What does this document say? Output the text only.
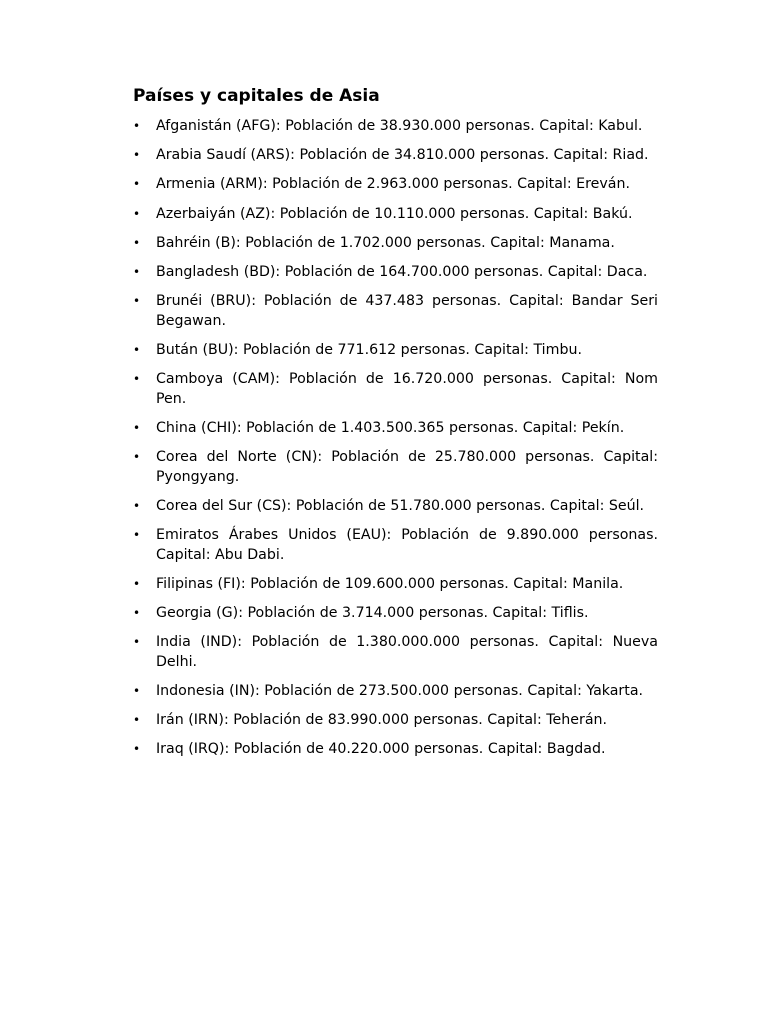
Países y capitales de Asia
• Afganistán (AFG): Población de 38.930.000 personas. Capital: Kabul.
• Arabia Saudí (ARS): Población de 34.810.000 personas. Capital: Riad.
• Armenia (ARM): Población de 2.963.000 personas. Capital: Ereván.
• Azerbaiyán (AZ): Población de 10.110.000 personas. Capital: Bakú.
• Bahréin (B): Población de 1.702.000 personas. Capital: Manama.
• Bangladesh (BD): Población de 164.700.000 personas. Capital: Daca.
• Brunéi (BRU): Población de 437.483 personas. Capital: Bandar Seri Begawan.
• Bután (BU): Población de 771.612 personas. Capital: Timbu.
• Camboya (CAM): Población de 16.720.000 personas. Capital: Nom Pen.
• China (CHI): Población de 1.403.500.365 personas. Capital: Pekín.
• Corea del Norte (CN): Población de 25.780.000 personas. Capital: Pyongyang.
• Corea del Sur (CS): Población de 51.780.000 personas. Capital: Seúl.
• Emiratos Árabes Unidos (EAU): Población de 9.890.000 personas. Capital: Abu Dabi.
• Filipinas (FI): Población de 109.600.000 personas. Capital: Manila.
• Georgia (G): Población de 3.714.000 personas. Capital: Tiflis.
• India (IND): Población de 1.380.000.000 personas. Capital: Nueva Delhi.
• Indonesia (IN): Población de 273.500.000 personas. Capital: Yakarta.
• Irán (IRN): Población de 83.990.000 personas. Capital: Teherán.
• Iraq (IRQ): Población de 40.220.000 personas. Capital: Bagdad.
